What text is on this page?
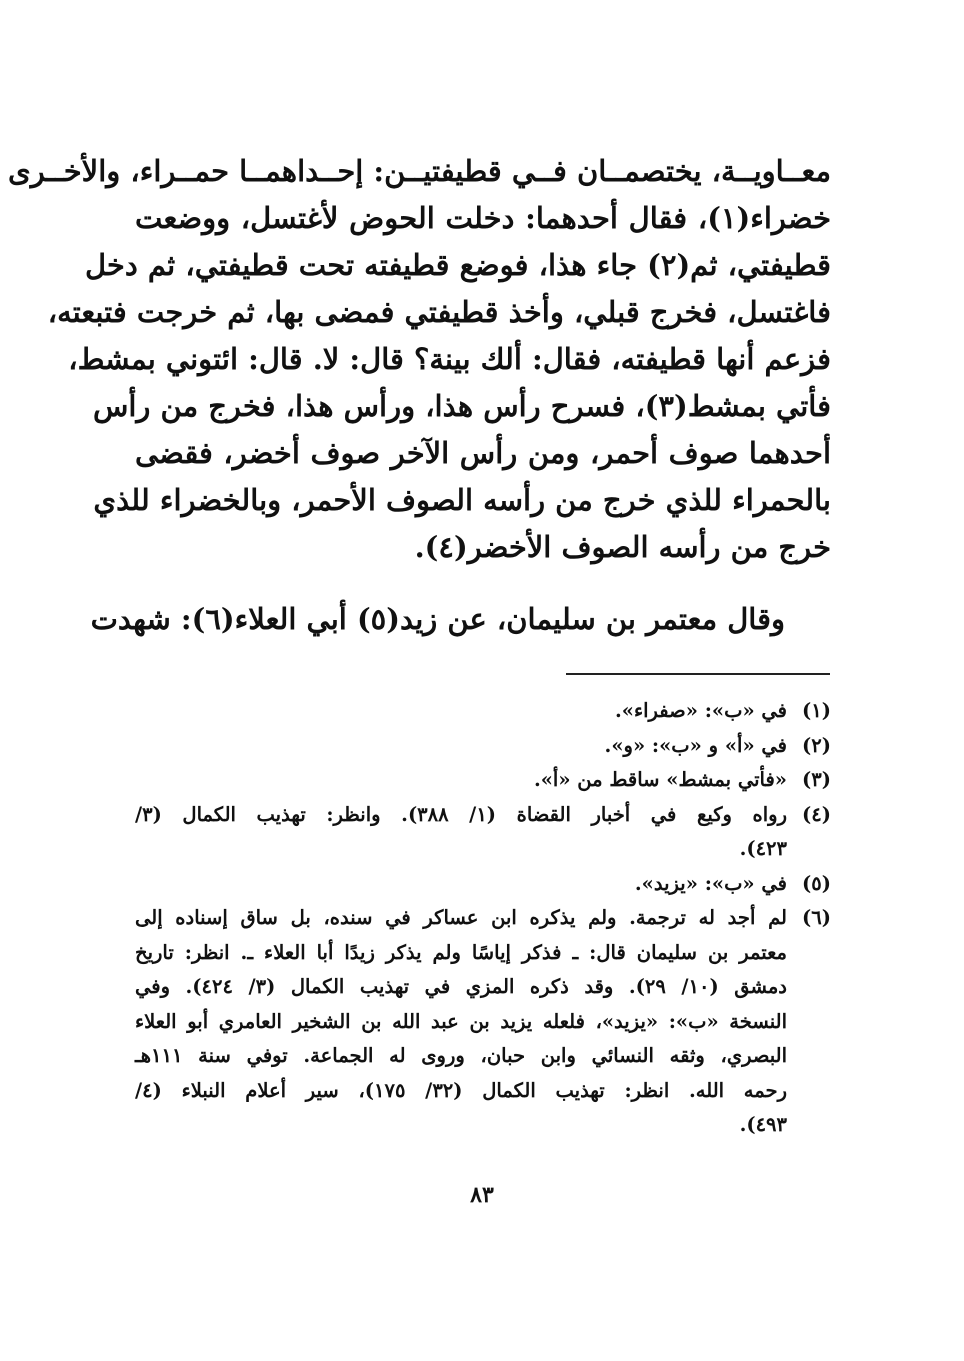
معــاويــة، يختصمــان فــي قطيفتيــن: إحــداهمــا حمــراء، والأخــرى
خضراء(١)، فقال أحدهما: دخلت الحوض لأغتسل، ووضعت
قطيفتي، ثم(٢) جاء هذا، فوضع قطيفته تحت قطيفتي، ثم دخل
فاغتسل، فخرج قبلي، وأخذ قطيفتي فمضى بها، ثم خرجت فتبعته،
فزعم أنها قطيفته، فقال: ألك بينة؟ قال: لا. قال: ائتوني بمشط،
فأتي بمشط(٣)، فسرح رأس هذا، ورأس هذا، فخرج من رأس
أحدهما صوف أحمر، ومن رأس الآخر صوف أخضر، فقضى
بالحمراء للذي خرج من رأسه الصوف الأحمر، وبالخضراء للذي
خرج من رأسه الصوف الأخضر(٤).
وقال معتمر بن سليمان، عن زيد(٥) أبي العلاء(٦): شهدت
(١)
في «ب»: «صفراء».
(٢)
في «أ» و «ب»: «و».
(٣)
«فأتي بمشط» ساقط من «أ».
(٤)
رواه وكيع في أخبار القضاة (١/ ٣٨٨). وانظر: تهذيب الكمال (٣/
٤٢٣).
(٥)
في «ب»: «يزيد».
(٦)
لم أجد له ترجمة. ولم يذكره ابن عساكر في سنده، بل ساق إسناده إلى
معتمر بن سليمان قال: ـ فذكر إياسًا ولم يذكر زيدًا أبا العلاء ـ. انظر: تاريخ
دمشق (١٠/ ٢٩). وقد ذكره المزي في تهذيب الكمال (٣/ ٤٢٤). وفي
النسخة «ب»: «يزيد»، فلعله يزيد بن عبد الله بن الشخير العامري أبو العلاء
البصري، وثقه النسائي وابن حبان، وروى له الجماعة. توفي سنة ١١١هـ
رحمه الله. انظر: تهذيب الكمال (٣٢/ ١٧٥)، سير أعلام النبلاء (٤/
٤٩٣).
٨٣
